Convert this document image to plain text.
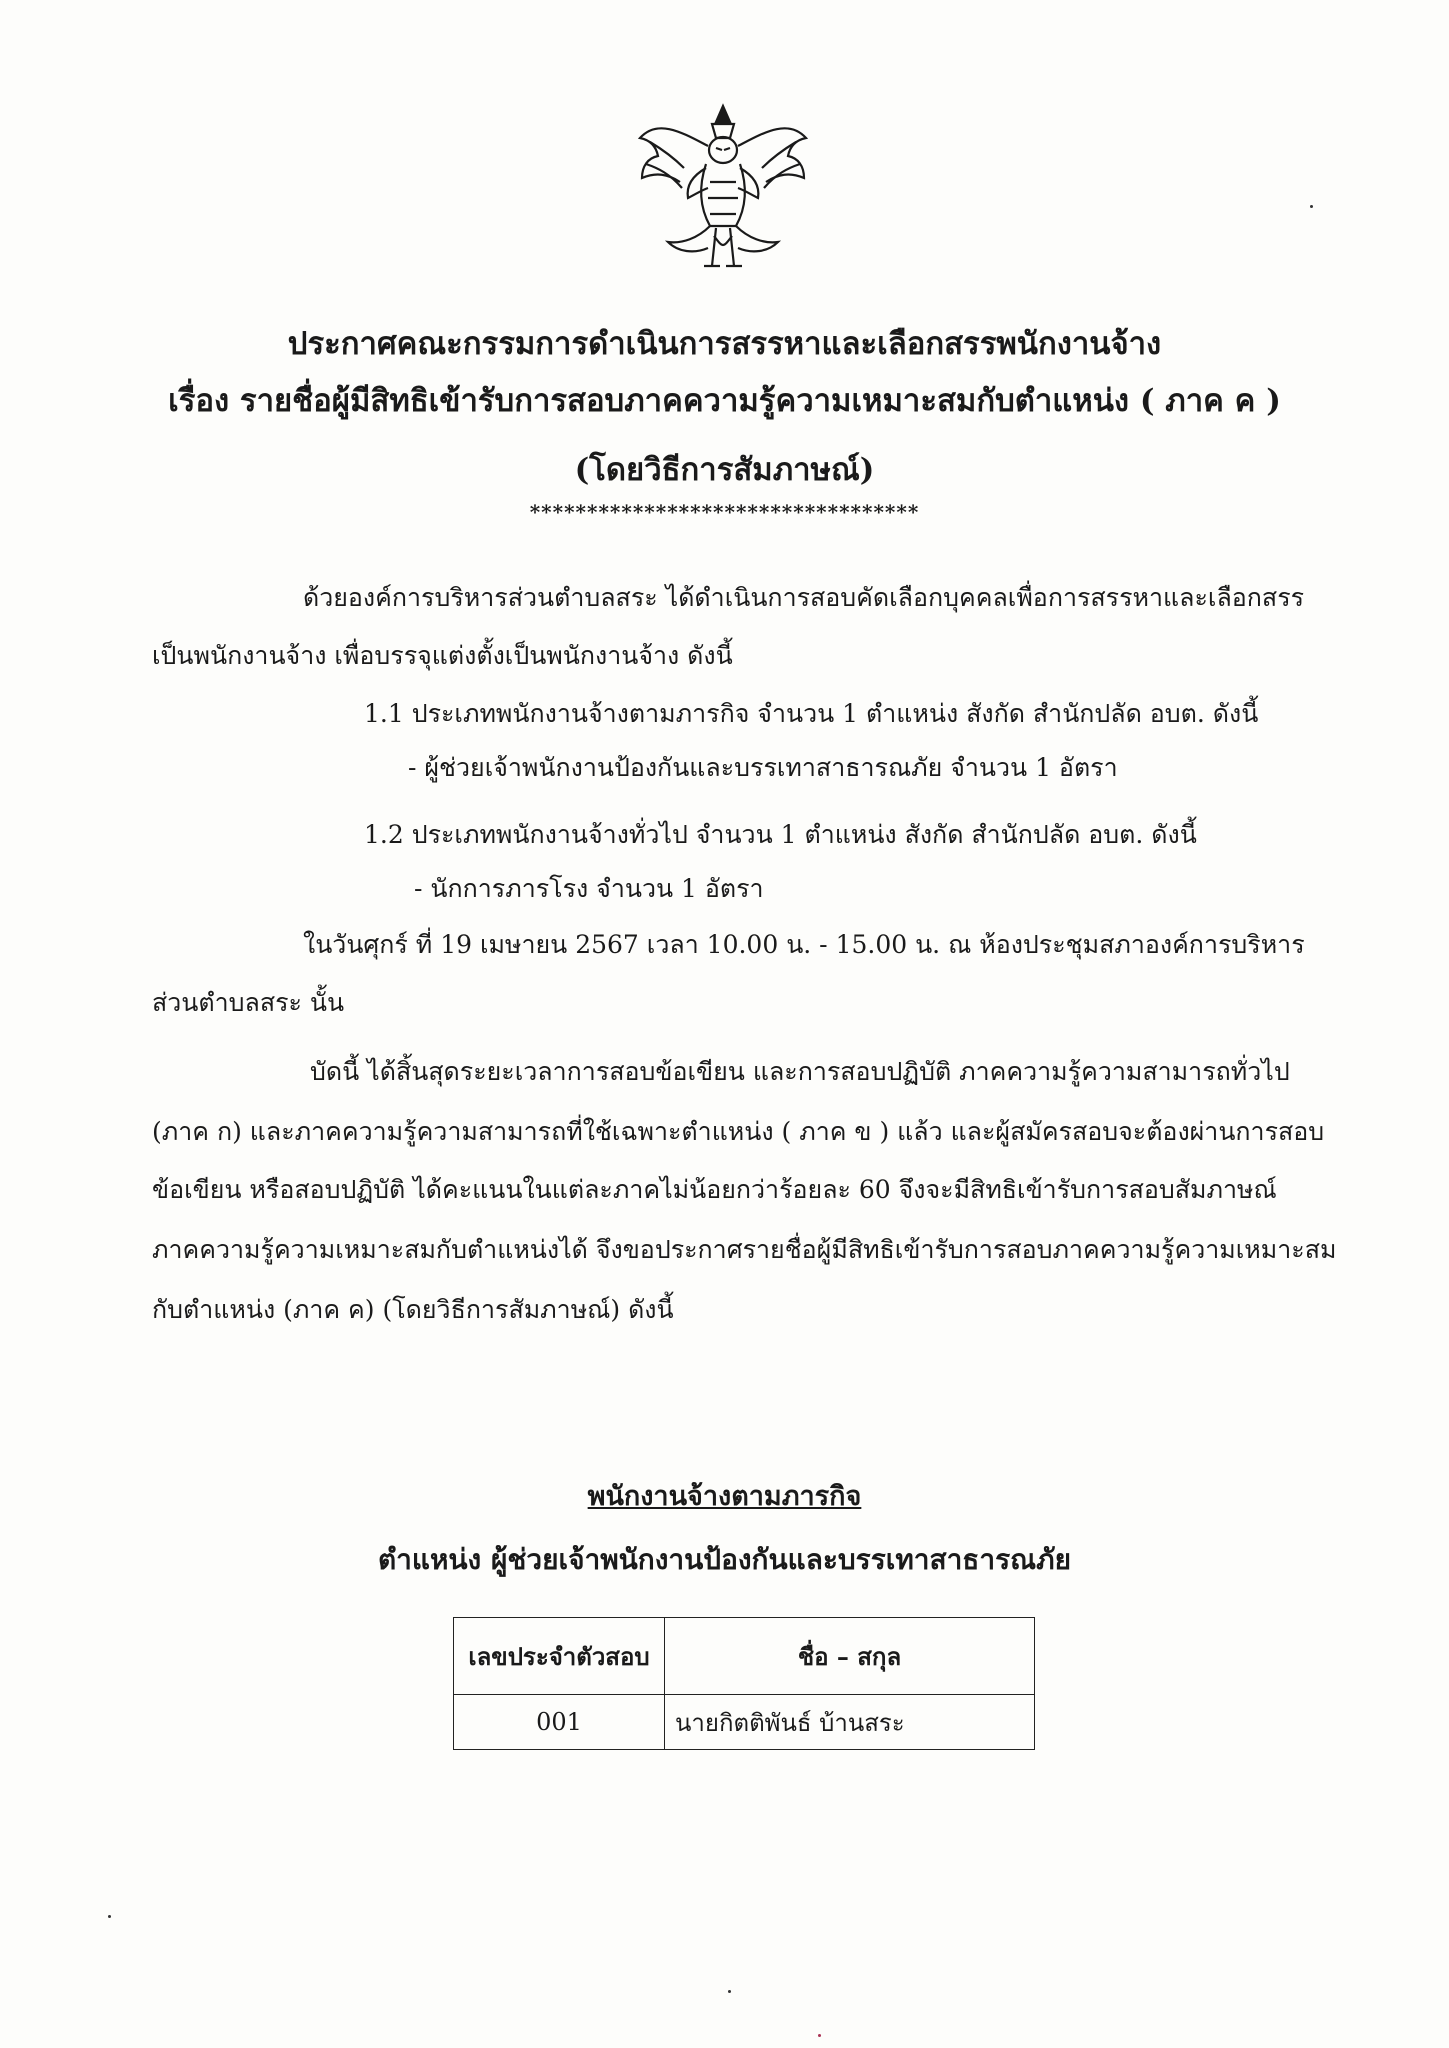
ประกาศคณะกรรมการดำเนินการสรรหาและเลือกสรรพนักงานจ้าง
เรื่อง รายชื่อผู้มีสิทธิเข้ารับการสอบภาคความรู้ความเหมาะสมกับตำแหน่ง ( ภาค ค )
(โดยวิธีการสัมภาษณ์)
**********************************
ด้วยองค์การบริหารส่วนตำบลสระ ได้ดำเนินการสอบคัดเลือกบุคคลเพื่อการสรรหาและเลือกสรร
เป็นพนักงานจ้าง เพื่อบรรจุแต่งตั้งเป็นพนักงานจ้าง ดังนี้
1.1 ประเภทพนักงานจ้างตามภารกิจ จำนวน 1 ตำแหน่ง สังกัด สำนักปลัด อบต. ดังนี้
- ผู้ช่วยเจ้าพนักงานป้องกันและบรรเทาสาธารณภัย จำนวน 1 อัตรา
1.2 ประเภทพนักงานจ้างทั่วไป จำนวน 1 ตำแหน่ง สังกัด สำนักปลัด อบต. ดังนี้
- นักการภารโรง จำนวน 1 อัตรา
ในวันศุกร์ ที่ 19 เมษายน 2567 เวลา 10.00 น. - 15.00 น. ณ ห้องประชุมสภาองค์การบริหาร
ส่วนตำบลสระ นั้น
บัดนี้ ได้สิ้นสุดระยะเวลาการสอบข้อเขียน และการสอบปฏิบัติ ภาคความรู้ความสามารถทั่วไป
(ภาค ก) และภาคความรู้ความสามารถที่ใช้เฉพาะตำแหน่ง ( ภาค ข ) แล้ว และผู้สมัครสอบจะต้องผ่านการสอบ
ข้อเขียน หรือสอบปฏิบัติ ได้คะแนนในแต่ละภาคไม่น้อยกว่าร้อยละ 60 จึงจะมีสิทธิเข้ารับการสอบสัมภาษณ์
ภาคความรู้ความเหมาะสมกับตำแหน่งได้ จึงขอประกาศรายชื่อผู้มีสิทธิเข้ารับการสอบภาคความรู้ความเหมาะสม
กับตำแหน่ง (ภาค ค) (โดยวิธีการสัมภาษณ์) ดังนี้
พนักงานจ้างตามภารกิจ
ตำแหน่ง ผู้ช่วยเจ้าพนักงานป้องกันและบรรเทาสาธารณภัย
เลขประจำตัวสอบ	ชื่อ – สกุล
001	นายกิตติพันธ์ บ้านสระ
